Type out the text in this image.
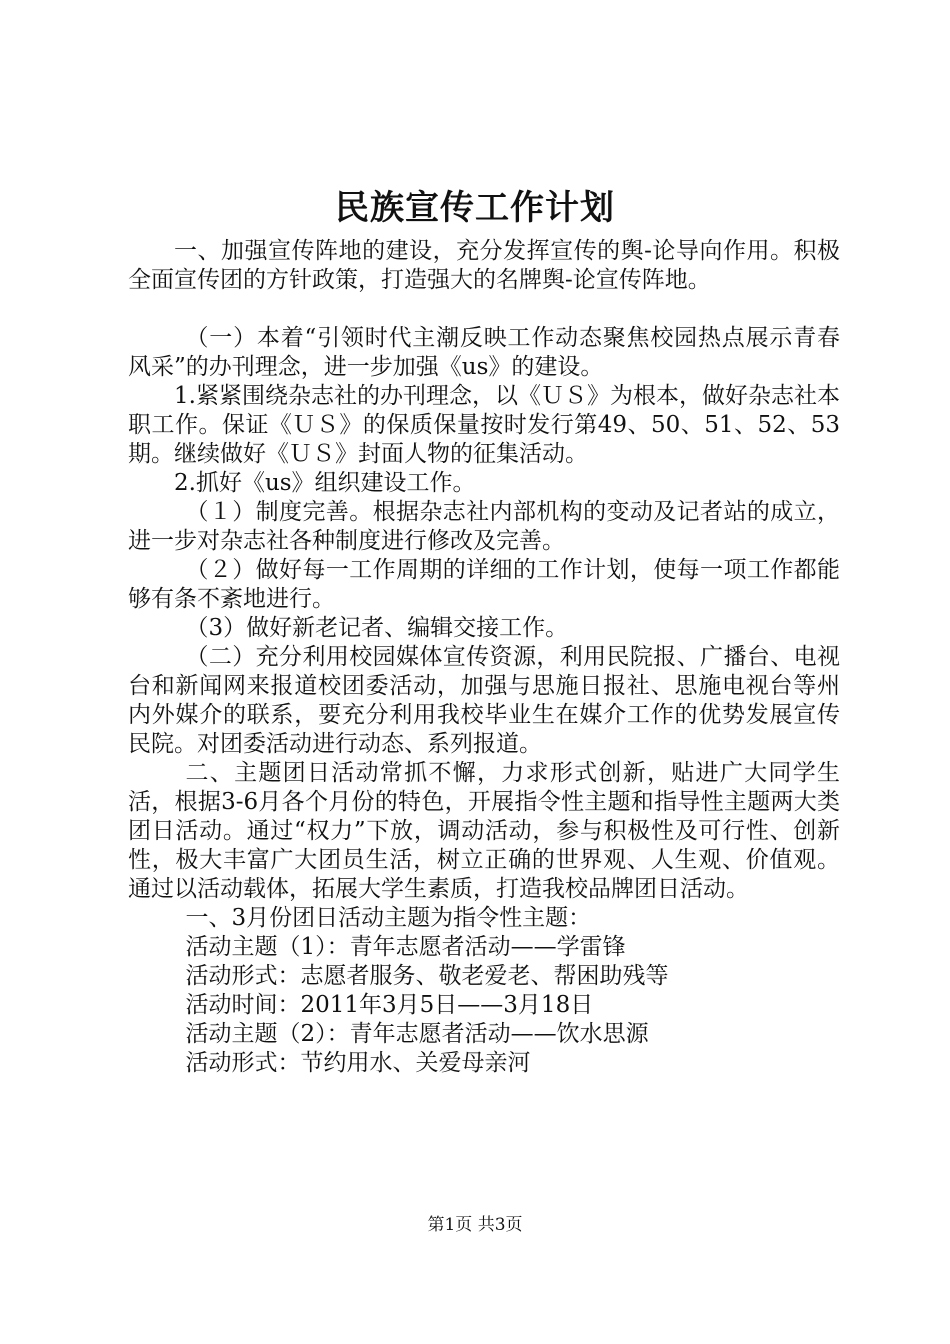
民族宣传工作计划

一、加强宣传阵地的建设，充分发挥宣传的舆-论导向作用。积极全面宣传团的方针政策，打造强大的名牌舆-论宣传阵地。

（一）本着“引领时代主潮反映工作动态聚焦校园热点展示青春风采”的办刊理念，进一步加强《us》的建设。

1.紧紧围绕杂志社的办刊理念，以《ＵＳ》为根本，做好杂志社本职工作。保证《ＵＳ》的保质保量按时发行第49、50、51、52、53期。继续做好《ＵＳ》封面人物的征集活动。

2.抓好《us》组织建设工作。

（１）制度完善。根据杂志社内部机构的变动及记者站的成立，进一步对杂志社各种制度进行修改及完善。

（２）做好每一工作周期的详细的工作计划，使每一项工作都能够有条不紊地进行。

（3）做好新老记者、编辑交接工作。

（二）充分利用校园媒体宣传资源，利用民院报、广播台、电视台和新闻网来报道校团委活动，加强与思施日报社、思施电视台等州内外媒介的联系，要充分利用我校毕业生在媒介工作的优势发展宣传民院。对团委活动进行动态、系列报道。

二、主题团日活动常抓不懈，力求形式创新，贴进广大同学生活，根据3-6月各个月份的特色，开展指令性主题和指导性主题两大类团日活动。通过“权力”下放，调动活动，参与积极性及可行性、创新性，极大丰富广大团员生活，树立正确的世界观、人生观、价值观。通过以活动载体，拓展大学生素质，打造我校品牌团日活动。

一、3月份团日活动主题为指令性主题：

活动主题（1）：青年志愿者活动——学雷锋

活动形式：志愿者服务、敬老爱老、帮困助残等

活动时间：2011年3月5日——3月18日

活动主题（2）：青年志愿者活动——饮水思源

活动形式：节约用水、关爱母亲河

第1页 共3页
